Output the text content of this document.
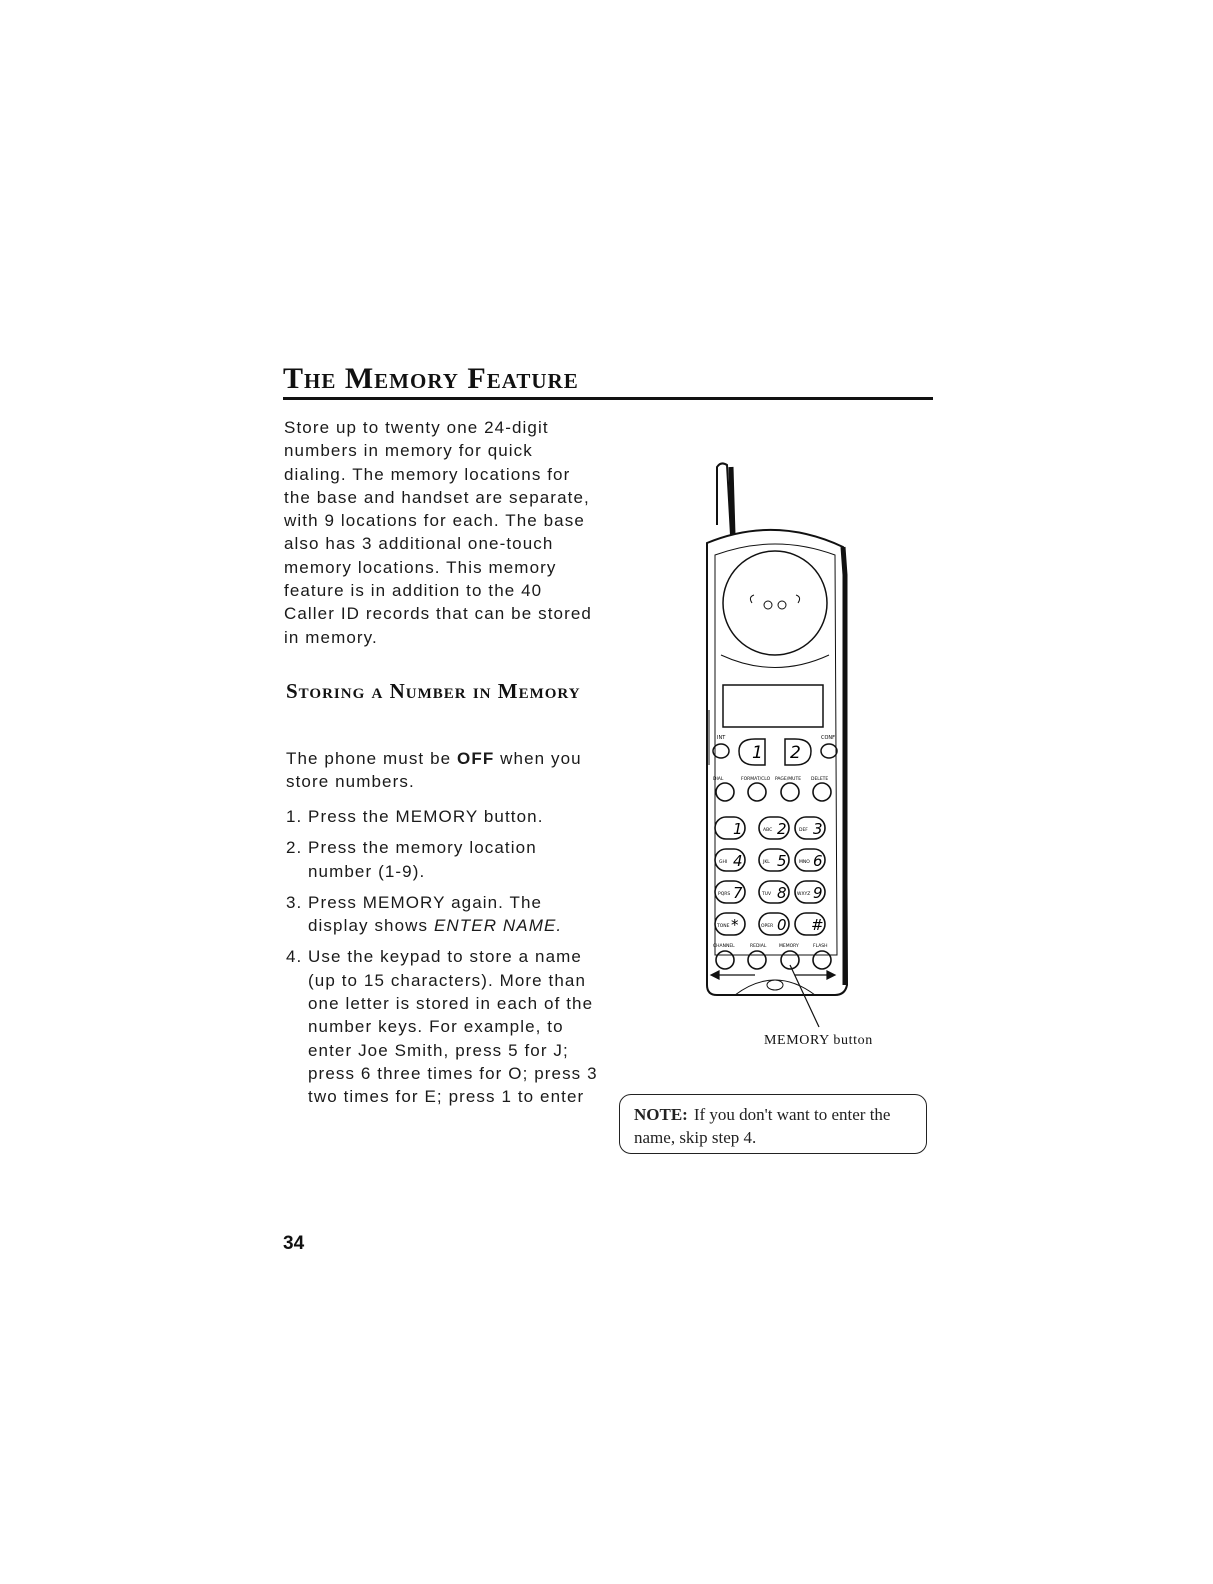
The Memory Feature

Store up to twenty one 24-digit numbers in memory for quick dialing. The memory locations for the base and handset are separate, with 9 locations for each. The base also has 3 additional one-touch memory locations. This memory feature is in addition to the 40 Caller ID records that can be stored in memory.

Storing a Number in Memory

The phone must be OFF when you store numbers.

1. Press the MEMORY button.
2. Press the memory location number (1-9).
3. Press MEMORY again. The display shows ENTER NAME.
4. Use the keypad to store a name (up to 15 characters). More than one letter is stored in each of the number keys. For example, to enter Joe Smith, press 5 for J; press 6 three times for O; press 3 two times for E; press 1 to enter
1 2
INT	CONF
DIAL	FORMAT/CLO PAGE/MUTE DELETE
1 2 3
4 5 6
7 8 9
*	0 #
ABC	DEF
GHI	JKL	MNO
PQRS	TUV	WXYZ
TONE	OPER
CHANNEL	REDIAL	MEMORY	FLASH
MEMORY button
NOTE: If you don't want to enter the name, skip step 4.
34
